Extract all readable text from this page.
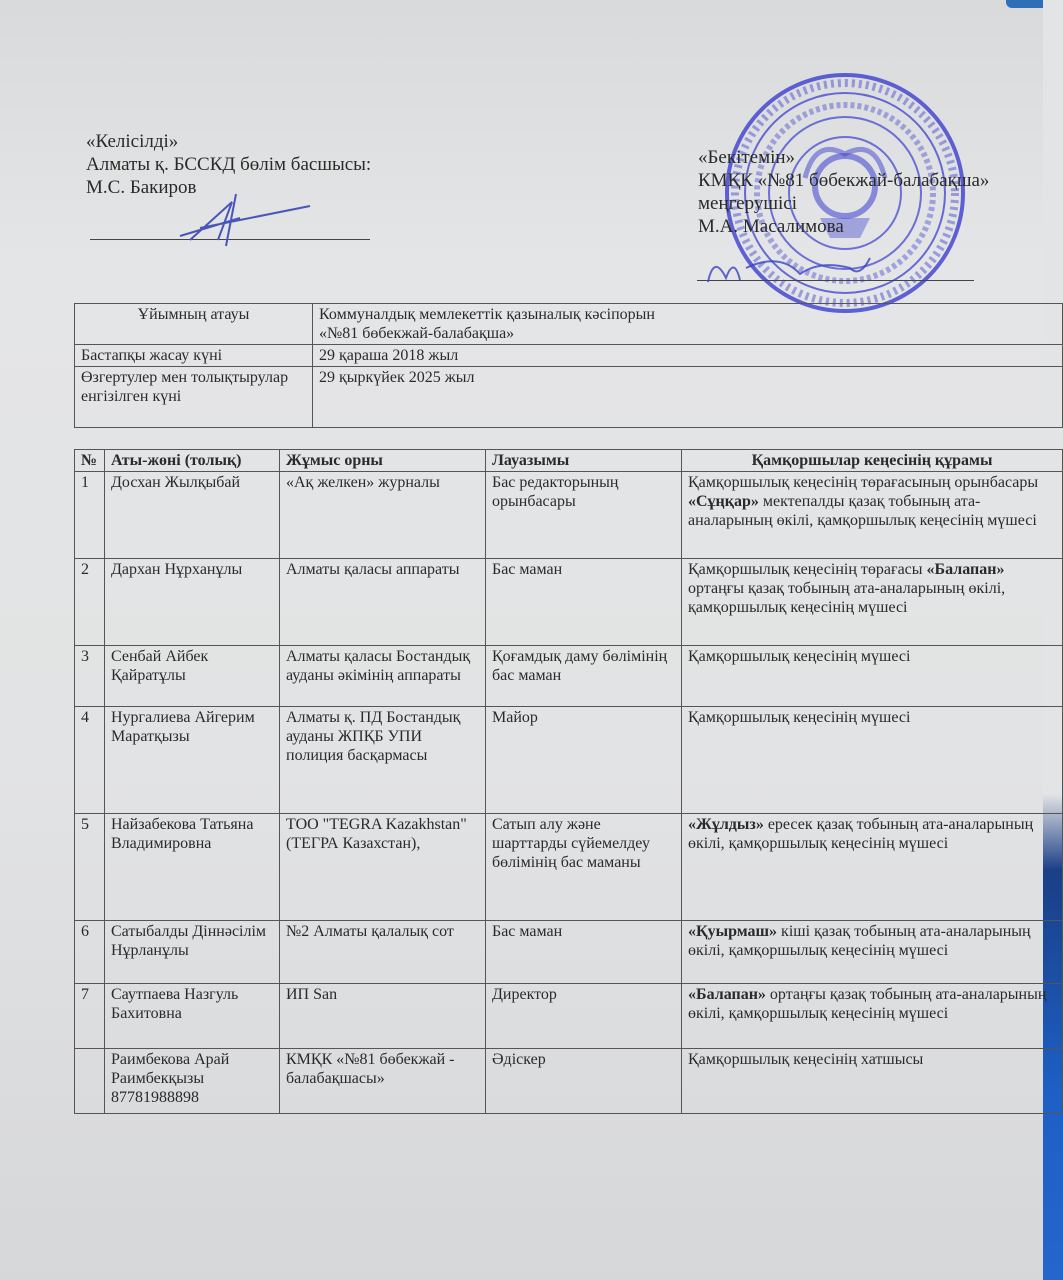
«Келісілді»
Алматы қ. БССКД бөлім басшысы:
М.С. Бакиров
«Бекітемін»
КМҚК «№81 бөбекжай-балабақша»
меңгерушісі
М.А. Масалимова
Ұйымның атауы	Коммуналдық мемлекеттік қазыналық кәсіпорын
«№81 бөбекжай-балабақша»

Бастапқы жасау күні	29 қараша 2018 жыл
Өзгертулер мен толықтырулар енгізілген күні	29 қыркүйек 2025 жыл
№	Аты-жөні (толық)	Жұмыс орны	Лауазымы	Қамқоршылар кеңесінің құрамы
1	Досхан Жылқыбай	«Ақ желкен» журналы	Бас редакторының орынбасары	Қамқоршылық кеңесінің төрағасының орынбасары «Сұңқар» мектепалды қазақ тобының ата-аналарының өкілі, қамқоршылық кеңесінің мүшесі
2	Дархан Нұрханұлы	Алматы қаласы аппараты	Бас маман	Қамқоршылық кеңесінің төрағасы «Балапан» ортаңғы қазақ тобының ата-аналарының өкілі, қамқоршылық кеңесінің мүшесі
3	Сенбай Айбек Қайратұлы	Алматы қаласы Бостандық ауданы әкімінің аппараты	Қоғамдық даму бөлімінің бас маман	Қамқоршылық кеңесінің мүшесі
4	Нургалиева Айгерим Маратқызы	Алматы қ. ПД Бостандық ауданы ЖПҚБ УПИ полиция басқармасы	Майор	Қамқоршылық кеңесінің мүшесі
5	Найзабекова Татьяна Владимировна	ТОО "TEGRA Kazakhstan" (ТЕГРА Казахстан),	Сатып алу және шарттарды сүйемелдеу бөлімінің бас маманы	«Жұлдыз» ересек қазақ тобының ата-аналарының өкілі, қамқоршылық кеңесінің мүшесі
6	Сатыбалды Діннәсілім Нұрланұлы	№2 Алматы қалалық сот	Бас маман	«Қуырмаш» кіші қазақ тобының ата-аналарының өкілі, қамқоршылық кеңесінің мүшесі
7	Саутпаева Назгуль Бахитовна	ИП San	Директор	«Балапан» ортаңғы қазақ тобының ата-аналарының өкілі, қамқоршылық кеңесінің мүшесі
	Раимбекова Арай Раимбекқызы 87781988898	КМҚК «№81 бөбекжай - балабақшасы»	Әдіскер	Қамқоршылық кеңесінің хатшысы
